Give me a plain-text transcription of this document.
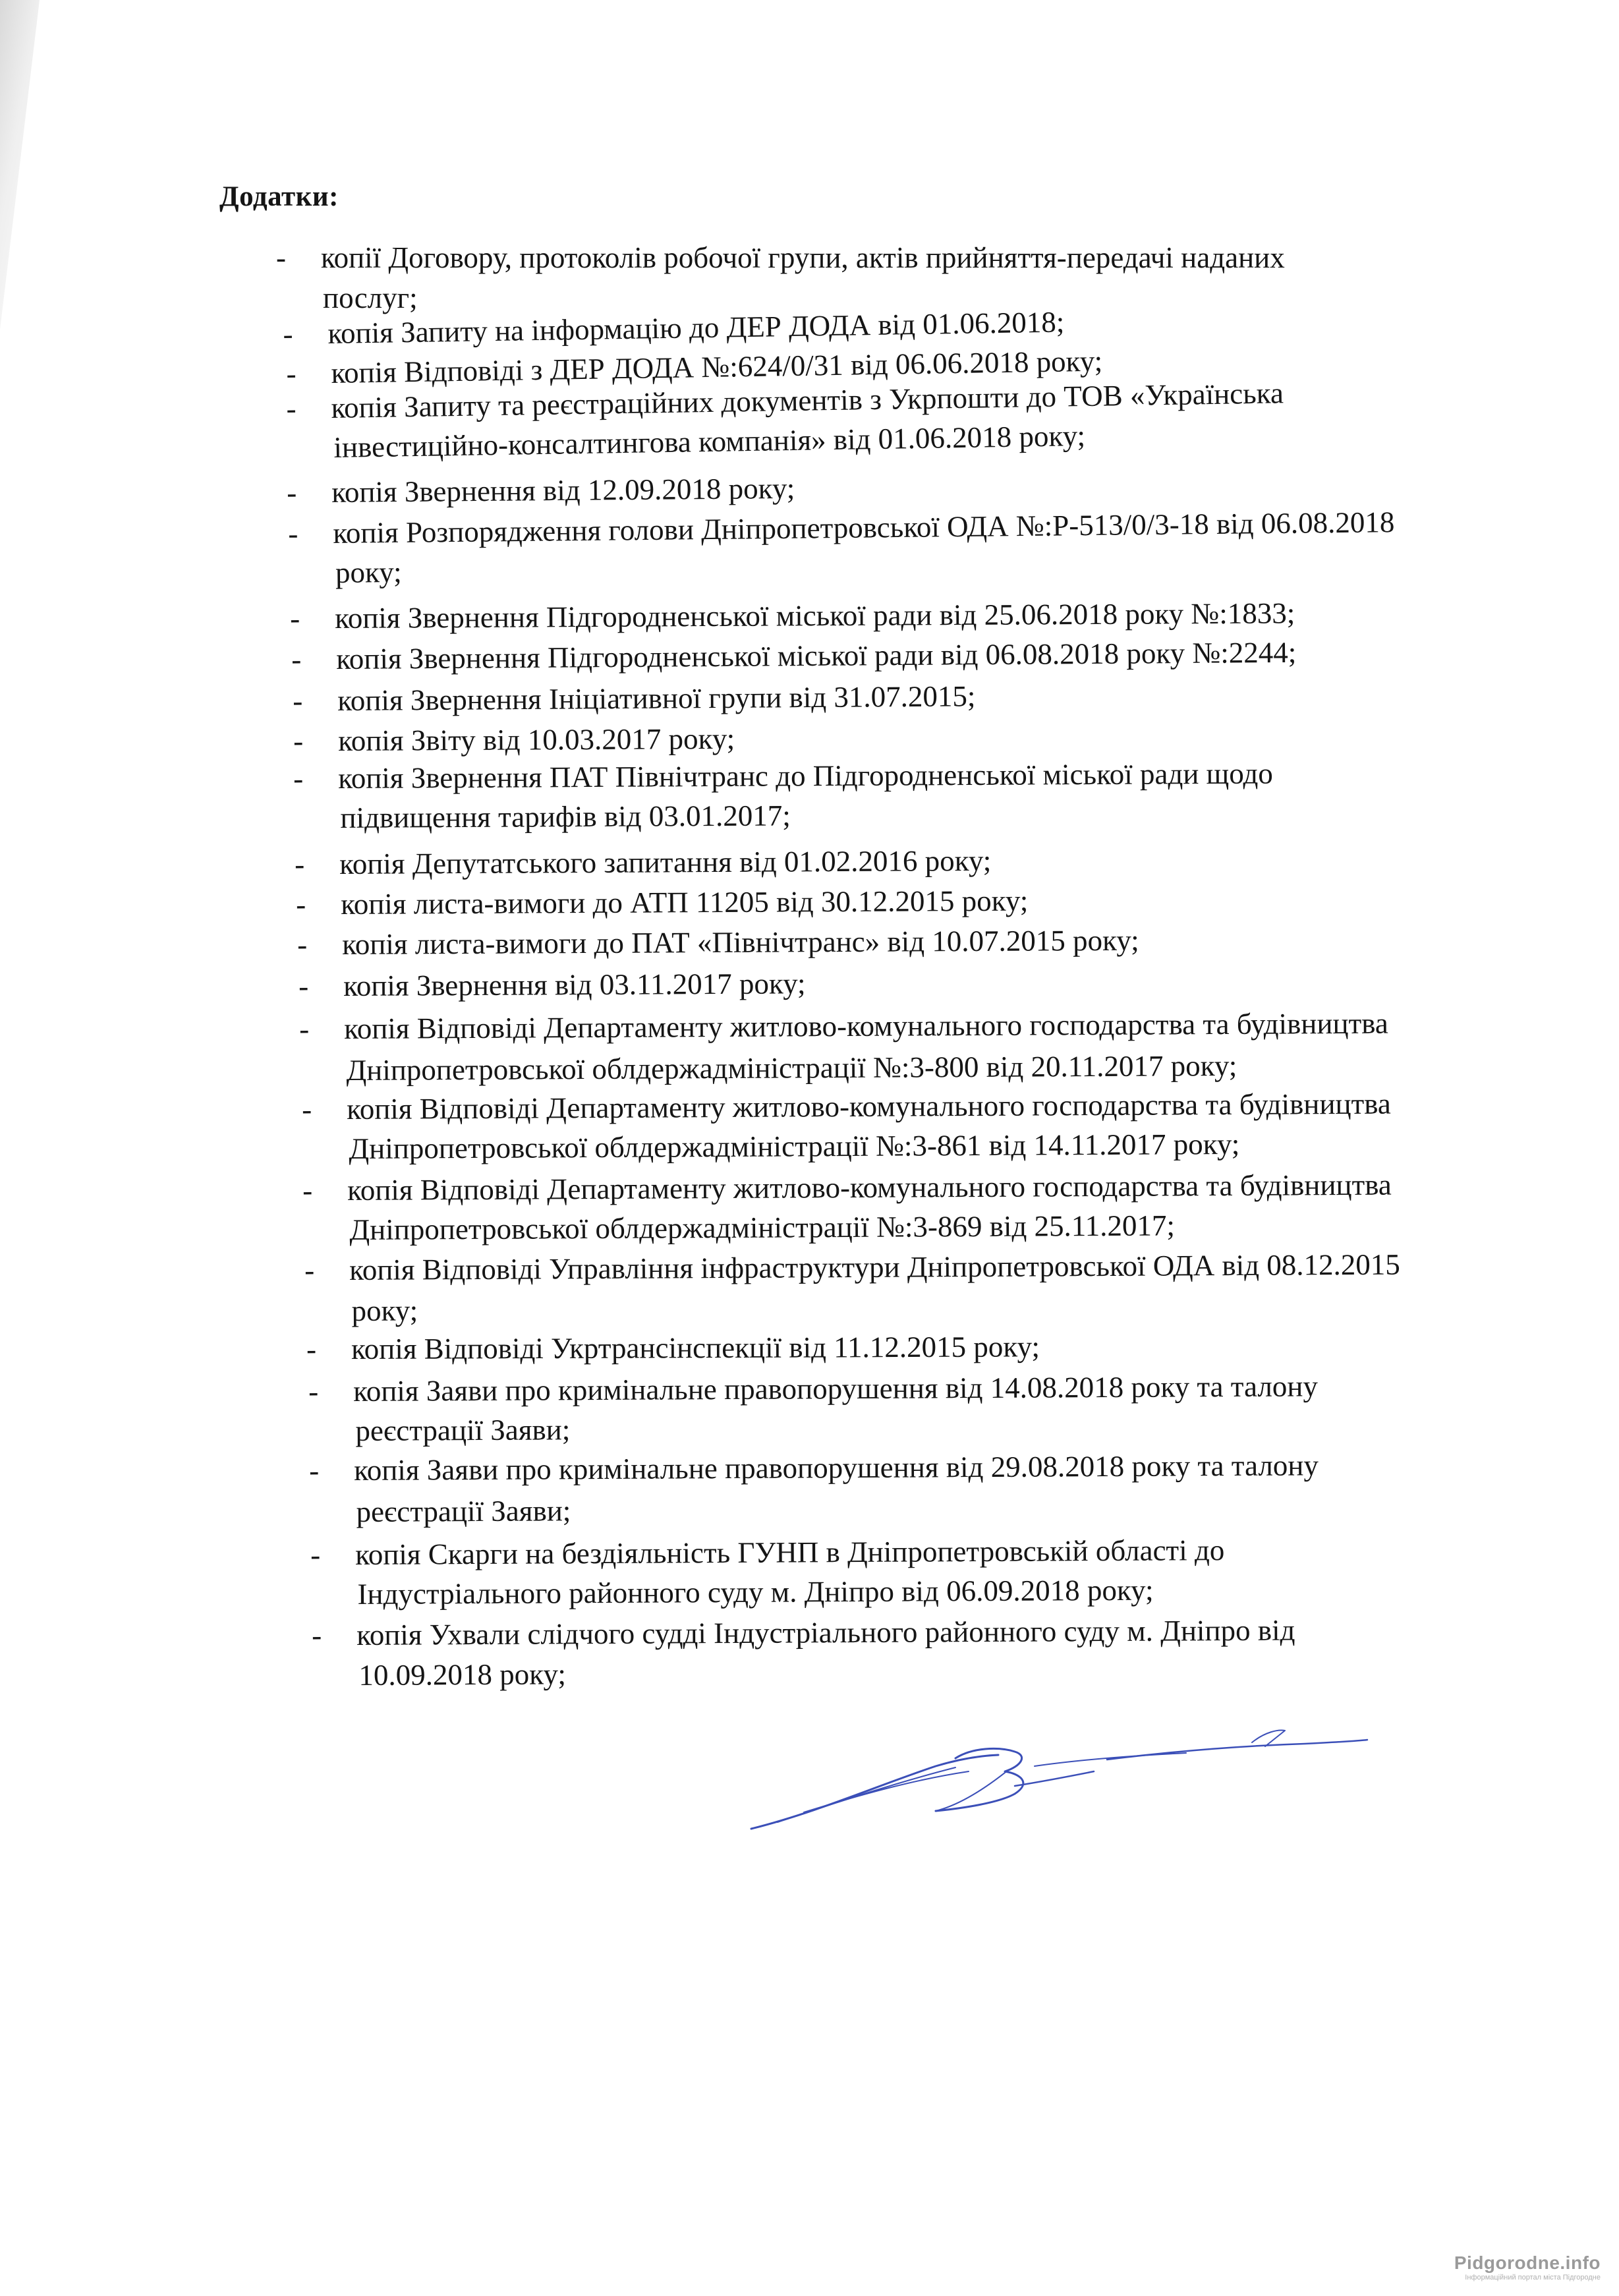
Додатки:
- копії Договору, протоколів робочої групи, актів прийняття-передачі наданих
послуг;
- копія Запиту на інформацію до ДЕР ДОДА від 01.06.2018;
- копія Відповіді з ДЕР ДОДА №:624/0/31 від 06.06.2018 року;
- копія Запиту та реєстраційних документів з Укрпошти до ТОВ «Українська
інвестиційно-консалтингова компанія» від 01.06.2018 року;
- копія Звернення від 12.09.2018 року;
- копія Розпорядження голови Дніпропетровської ОДА №:Р-513/0/3-18 від 06.08.2018
року;
- копія Звернення Підгородненської міської ради від 25.06.2018 року №:1833;
- копія Звернення Підгородненської міської ради від 06.08.2018 року №:2244;
- копія Звернення Ініціативної групи від 31.07.2015;
- копія Звіту від 10.03.2017 року;
- копія Звернення ПАТ Північтранс до Підгородненської міської ради щодо
підвищення тарифів від 03.01.2017;
- копія Депутатського запитання від 01.02.2016 року;
- копія листа-вимоги до АТП 11205 від 30.12.2015 року;
- копія листа-вимоги до ПАТ «Північтранс» від 10.07.2015 року;
- копія Звернення від 03.11.2017 року;
- копія Відповіді Департаменту житлово-комунального господарства та будівництва
Дніпропетровської облдержадміністрації №:3-800 від 20.11.2017 року;
- копія Відповіді Департаменту житлово-комунального господарства та будівництва
Дніпропетровської облдержадміністрації №:3-861 від 14.11.2017 року;
- копія Відповіді Департаменту житлово-комунального господарства та будівництва
Дніпропетровської облдержадміністрації №:3-869 від 25.11.2017;
- копія Відповіді Управління інфраструктури Дніпропетровської ОДА від 08.12.2015
року;
- копія Відповіді Укртрансінспекції від 11.12.2015 року;
- копія Заяви про кримінальне правопорушення від 14.08.2018 року та талону
реєстрації Заяви;
- копія Заяви про кримінальне правопорушення від 29.08.2018 року та талону
реєстрації Заяви;
- копія Скарги на бездіяльність ГУНП в Дніпропетровській області до
Індустріального районного суду м. Дніпро від 06.09.2018 року;
- копія Ухвали слідчого судді Індустріального районного суду м. Дніпро від
10.09.2018 року;
Pidgorodne.info
Інформаційний портал міста Підгородне
